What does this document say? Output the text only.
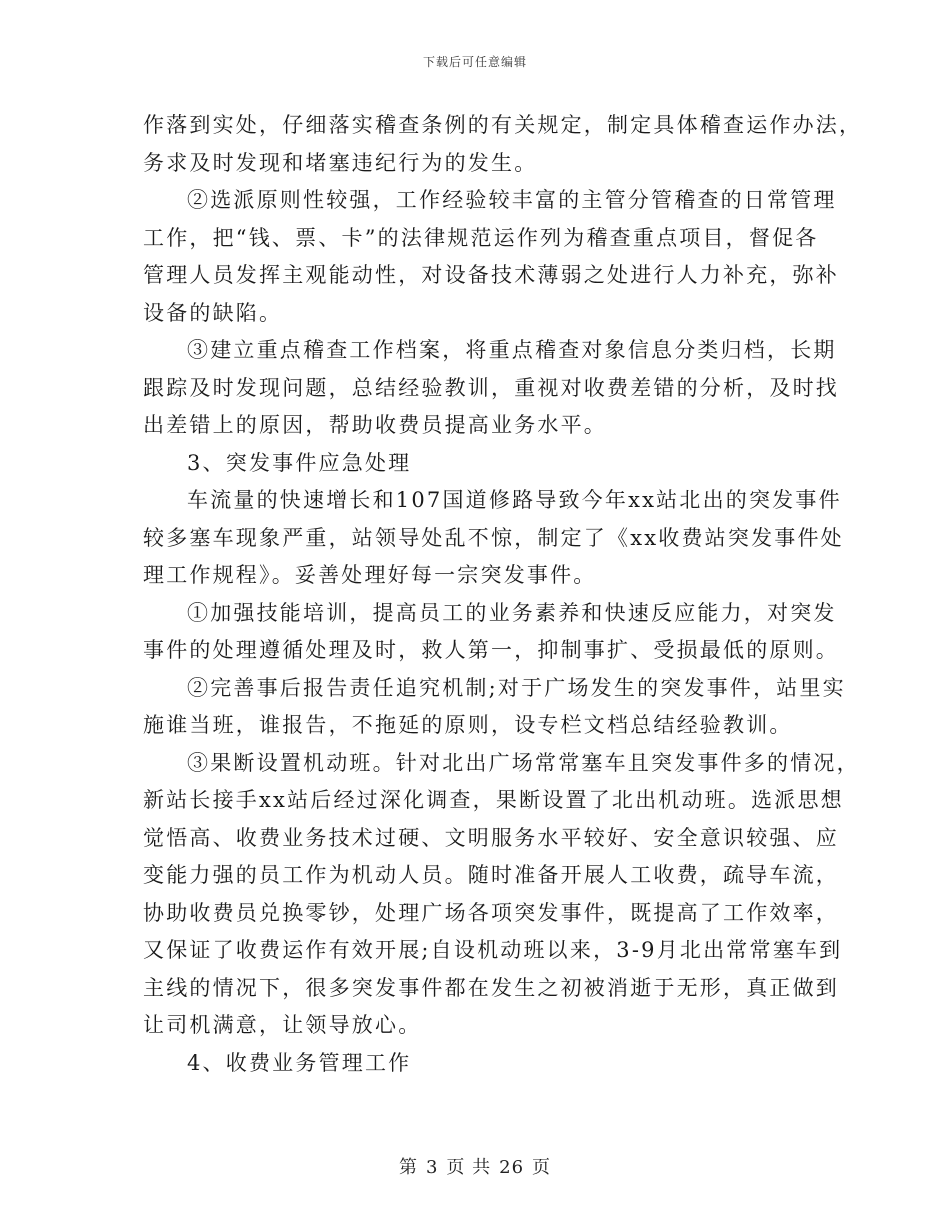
下载后可任意编辑

作落到实处，仔细落实稽查条例的有关规定，制定具体稽查运作办法，

务求及时发现和堵塞违纪行为的发生。

②选派原则性较强，工作经验较丰富的主管分管稽查的日常管理

工作，把“钱、票、卡”的法律规范运作列为稽查重点项目，督促各

管理人员发挥主观能动性，对设备技术薄弱之处进行人力补充，弥补

设备的缺陷。

③建立重点稽查工作档案，将重点稽查对象信息分类归档，长期

跟踪及时发现问题，总结经验教训，重视对收费差错的分析，及时找

出差错上的原因，帮助收费员提高业务水平。

3、突发事件应急处理

车流量的快速增长和107国道修路导致今年xx站北出的突发事件

较多塞车现象严重，站领导处乱不惊，制定了《xx收费站突发事件处

理工作规程》。妥善处理好每一宗突发事件。

①加强技能培训，提高员工的业务素养和快速反应能力，对突发

事件的处理遵循处理及时，救人第一，抑制事扩、受损最低的原则。

②完善事后报告责任追究机制;对于广场发生的突发事件，站里实

施谁当班，谁报告，不拖延的原则，设专栏文档总结经验教训。

③果断设置机动班。针对北出广场常常塞车且突发事件多的情况，

新站长接手xx站后经过深化调查，果断设置了北出机动班。选派思想

觉悟高、收费业务技术过硬、文明服务水平较好、安全意识较强、应

变能力强的员工作为机动人员。随时准备开展人工收费，疏导车流，

协助收费员兑换零钞，处理广场各项突发事件，既提高了工作效率，

又保证了收费运作有效开展;自设机动班以来，3-9月北出常常塞车到

主线的情况下，很多突发事件都在发生之初被消逝于无形，真正做到

让司机满意，让领导放心。

4、收费业务管理工作

第 3 页 共 26 页
